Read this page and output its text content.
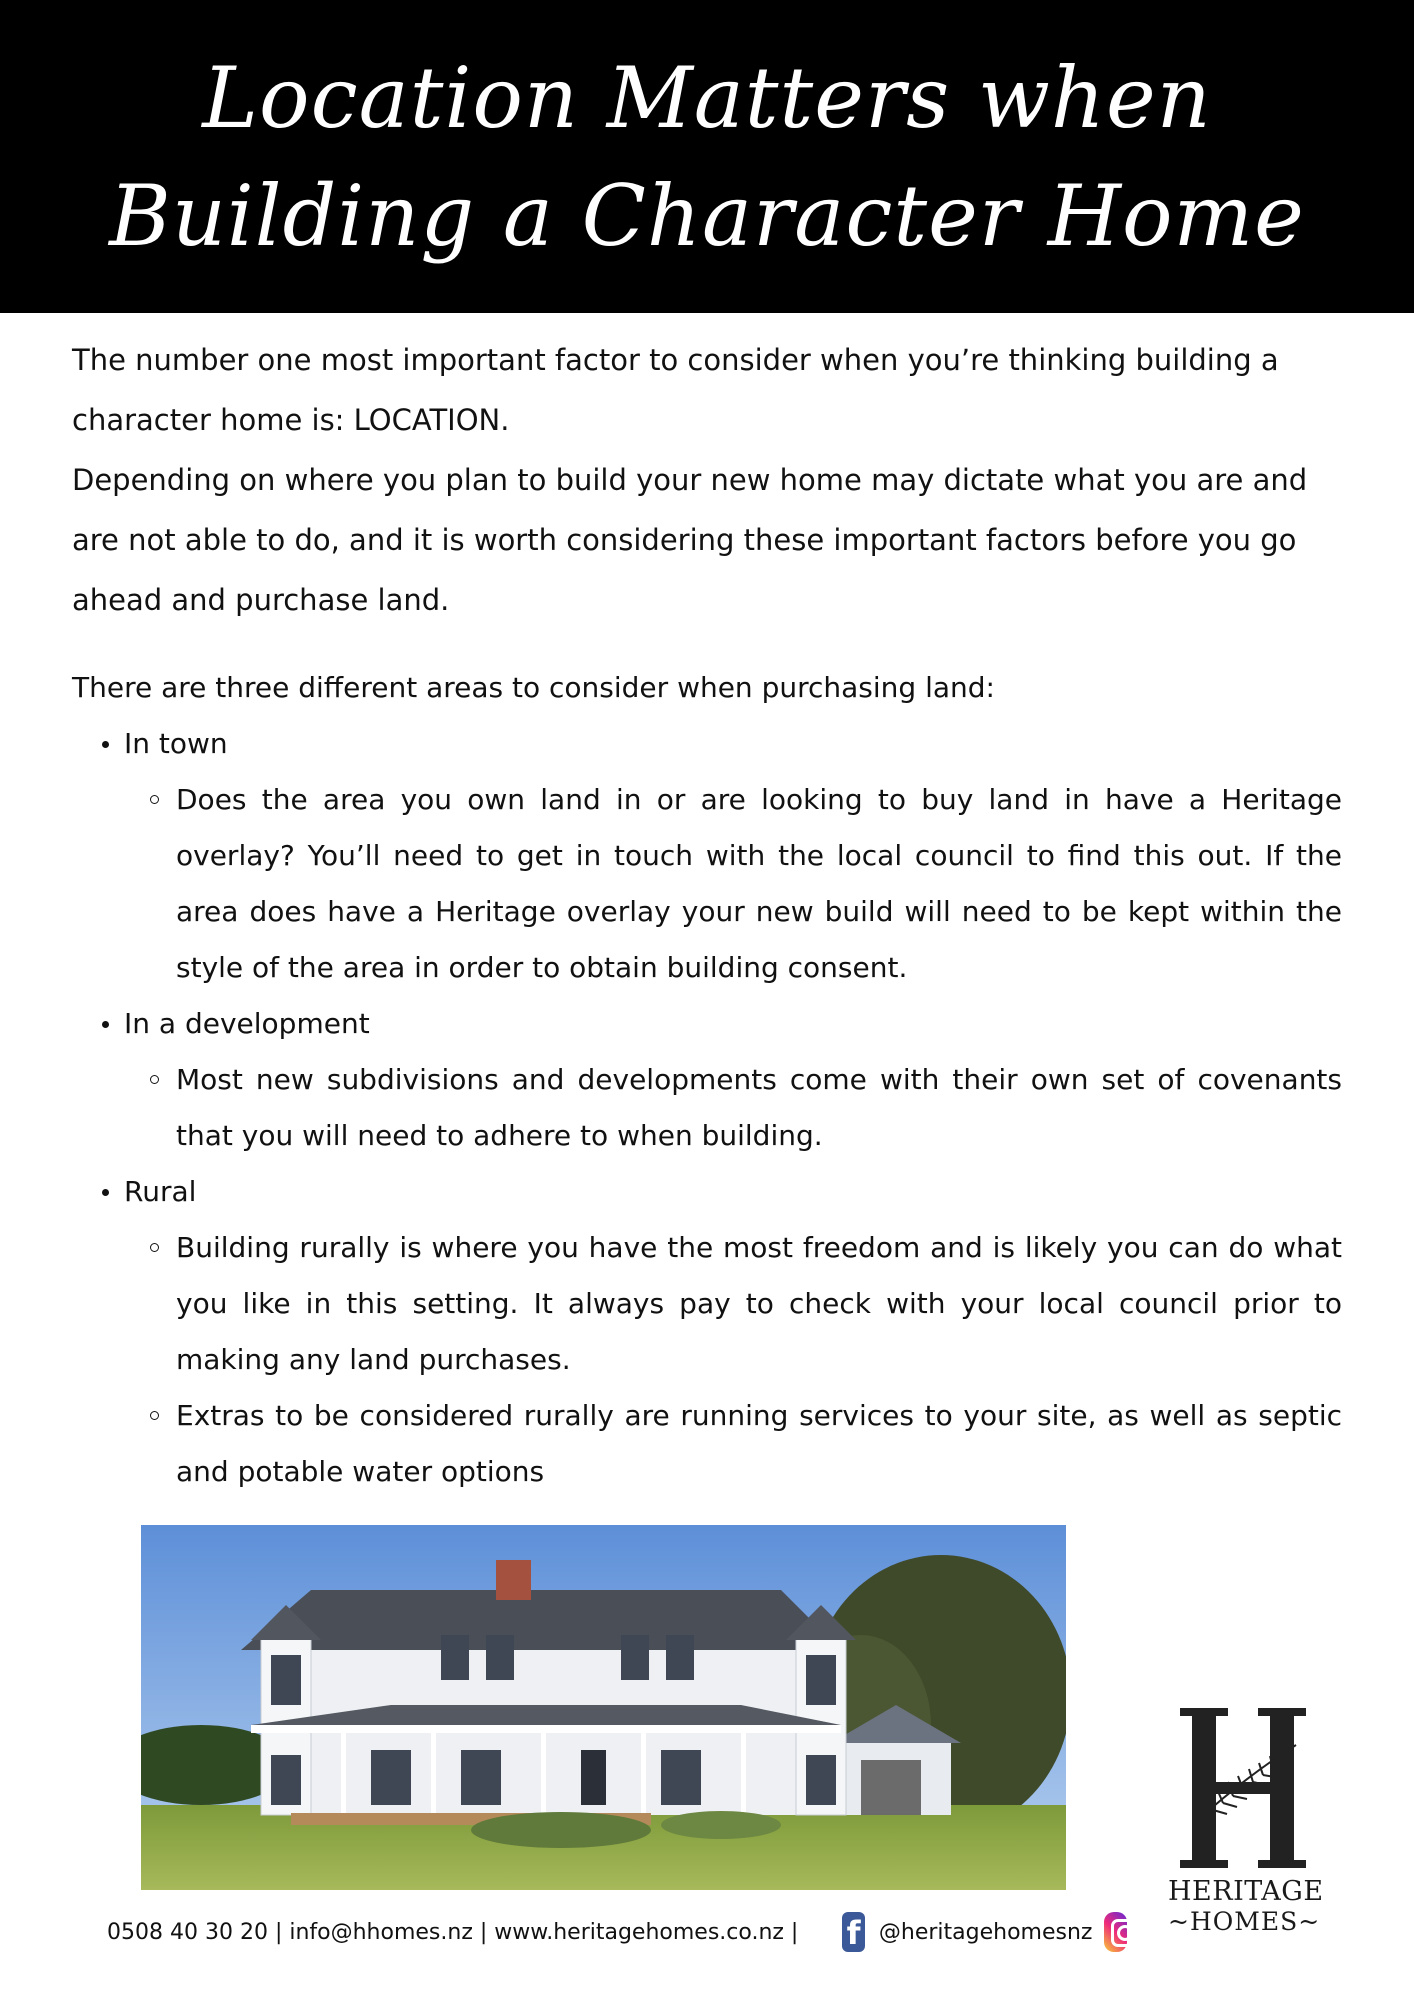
Location Matters when Building a Character Home

The number one most important factor to consider when you’re thinking building a character home is: LOCATION.

Depending on where you plan to build your new home may dictate what you are and are not able to do, and it is worth considering these important factors before you go ahead and purchase land.

There are three different areas to consider when purchasing land:

In town
Does the area you own land in or are looking to buy land in have a Heritage overlay? You’ll need to get in touch with the local council to find this out. If the area does have a Heritage overlay your new build will need to be kept within the style of the area in order to obtain building consent.
In a development
Most new subdivisions and developments come with their own set of covenants that you will need to adhere to when building.
Rural
Building rurally is where you have the most freedom and is likely you can do what you like in this setting. It always pay to check with your local council prior to making any land purchases.
Extras to be considered rurally are running services to your site, as well as septic and potable water options
HERITAGE
~HOMES~
0508 40 30 20 | info@hhomes.nz | www.heritagehomes.co.nz | f @heritagehomesnz
